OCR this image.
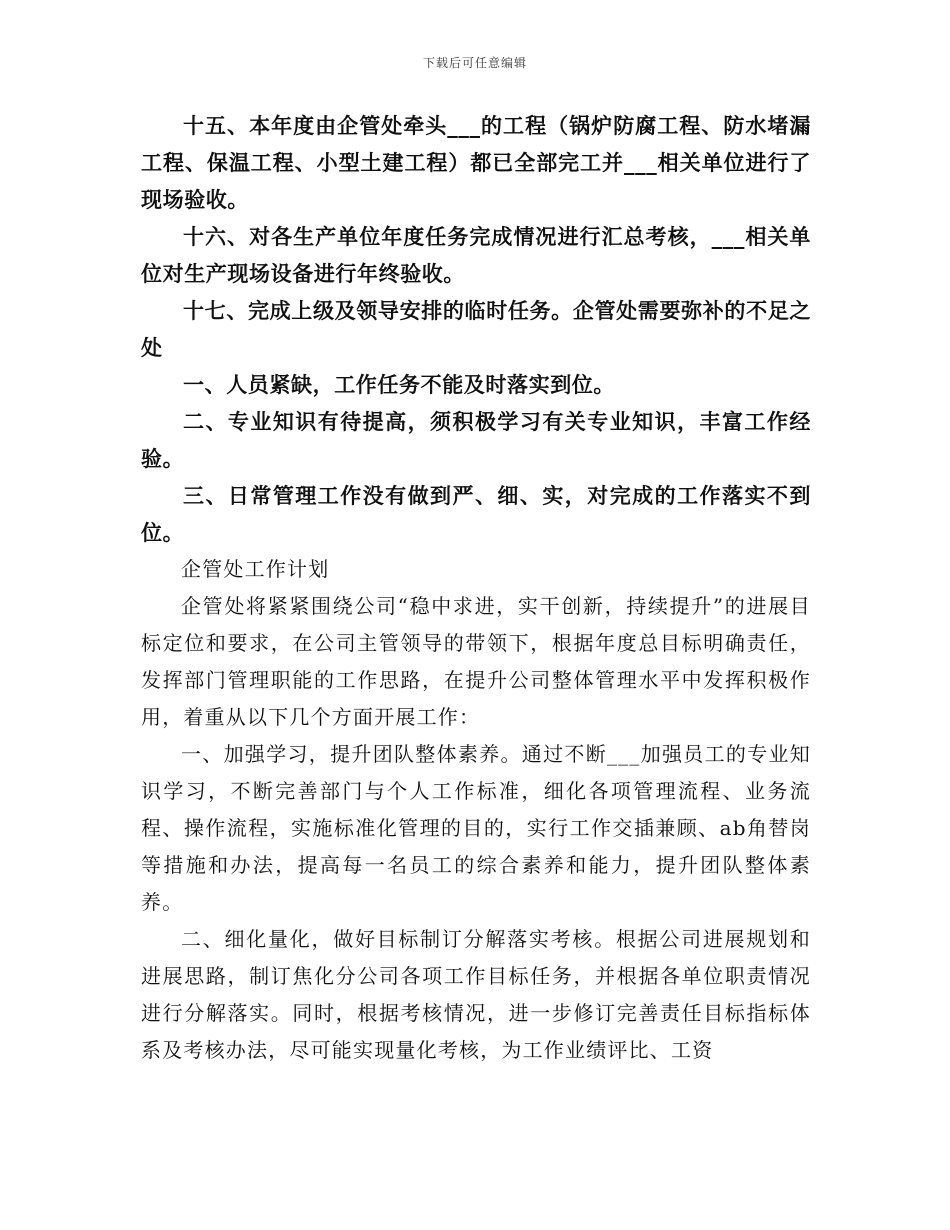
下载后可任意编辑

十五、本年度由企管处牵头___的工程（锅炉防腐工程、防水堵漏工程、保温工程、小型土建工程）都已全部完工并___相关单位进行了现场验收。

十六、对各生产单位年度任务完成情况进行汇总考核，___相关单位对生产现场设备进行年终验收。

十七、完成上级及领导安排的临时任务。企管处需要弥补的不足之处

一、人员紧缺，工作任务不能及时落实到位。

二、专业知识有待提高，须积极学习有关专业知识，丰富工作经验。

三、日常管理工作没有做到严、细、实，对完成的工作落实不到位。

企管处工作计划

企管处将紧紧围绕公司“稳中求进，实干创新，持续提升”的进展目标定位和要求，在公司主管领导的带领下，根据年度总目标明确责任，发挥部门管理职能的工作思路，在提升公司整体管理水平中发挥积极作用，着重从以下几个方面开展工作：

一、加强学习，提升团队整体素养。通过不断___加强员工的专业知识学习，不断完善部门与个人工作标准，细化各项管理流程、业务流程、操作流程，实施标准化管理的目的，实行工作交插兼顾、ab角替岗等措施和办法，提高每一名员工的综合素养和能力，提升团队整体素养。

二、细化量化，做好目标制订分解落实考核。根据公司进展规划和进展思路，制订焦化分公司各项工作目标任务，并根据各单位职责情况进行分解落实。同时，根据考核情况，进一步修订完善责任目标指标体系及考核办法，尽可能实现量化考核，为工作业绩评比、工资
